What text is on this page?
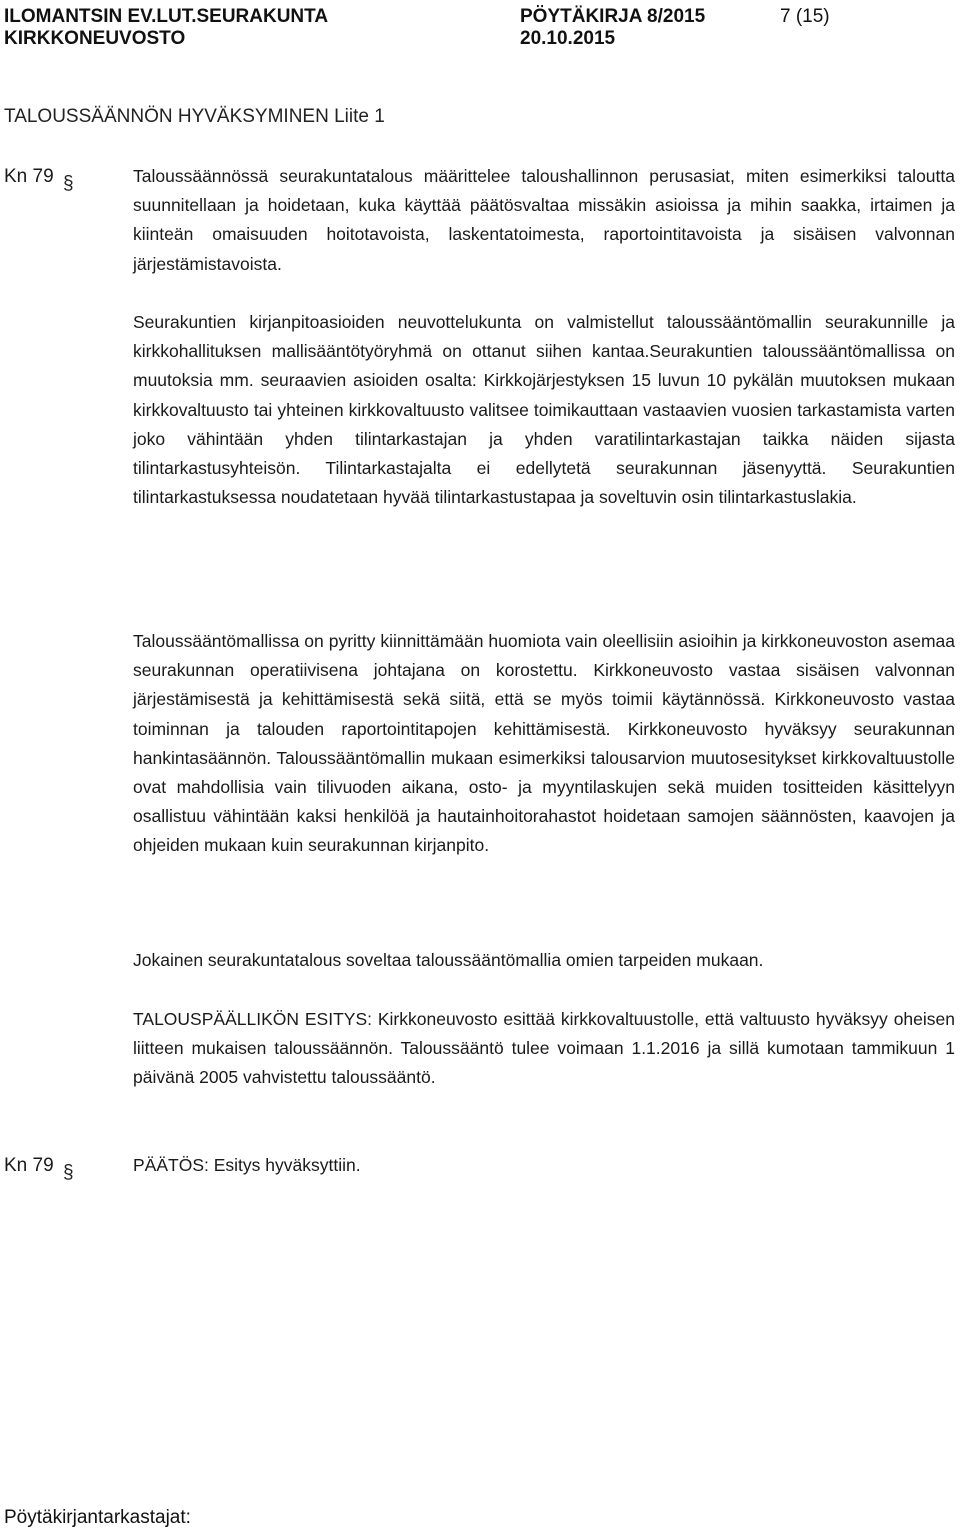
ILOMANTSIN EV.LUT.SEURAKUNTA
KIRKKONEUVOSTO
PÖYTÄKIRJA 8/2015
20.10.2015
7 (15)
TALOUSSÄÄNNÖN HYVÄKSYMINEN Liite 1
Kn 79 §	Taloussäännössä seurakuntatalous määrittelee taloushallinnon perusasiat, miten esimerkiksi taloutta suunnitellaan ja hoidetaan, kuka käyttää päätösvaltaa missäkin asioissa ja mihin saakka, irtaimen ja kiinteän omaisuuden hoitotavoista, laskentatoimesta, raportointitavoista ja sisäisen valvonnan järjestämistavoista.
Seurakuntien kirjanpitoasioiden neuvottelukunta on valmistellut taloussääntömallin seurakunnille ja kirkkohallituksen mallisääntötyöryhmä on ottanut siihen kantaa.Seurakuntien taloussääntömallissa on muutoksia mm. seuraavien asioiden osalta: Kirkkojärjestyksen 15 luvun 10 pykälän muutoksen mukaan kirkkovaltuusto tai yhteinen kirkkovaltuusto valitsee toimikauttaan vastaavien vuosien tarkastamista varten joko vähintään yhden tilintarkastajan ja yhden varatilintarkastajan taikka näiden sijasta tilintarkastusyhteisön. Tilintarkastajalta ei edellytetä seurakunnan jäsenyyttä. Seurakuntien tilintarkastuksessa noudatetaan hyvää tilintarkastustapaa ja soveltuvin osin tilintarkastuslakia.
Taloussääntömallissa on pyritty kiinnittämään huomiota vain oleellisiin asioihin ja kirkkoneuvoston asemaa seurakunnan operatiivisena johtajana on korostettu. Kirkkoneuvosto vastaa sisäisen valvonnan järjestämisestä ja kehittämisestä sekä siitä, että se myös toimii käytännössä. Kirkkoneuvosto vastaa toiminnan ja talouden raportointitapojen kehittämisestä. Kirkkoneuvosto hyväksyy seurakunnan hankintasäännön. Taloussääntömallin mukaan esimerkiksi talousarvion muutosesitykset kirkkovaltuustolle ovat mahdollisia vain tilivuoden aikana, osto- ja myyntilaskujen sekä muiden tositteiden käsittelyyn osallistuu vähintään kaksi henkilöä ja hautainhoitorahastot hoidetaan samojen säännösten, kaavojen ja ohjeiden mukaan kuin seurakunnan kirjanpito.
Jokainen seurakuntatalous soveltaa taloussääntömallia omien tarpeiden mukaan.
TALOUSPÄÄLLIKÖN ESITYS: Kirkkoneuvosto esittää kirkkovaltuustolle, että valtuusto hyväksyy oheisen liitteen mukaisen taloussäännön. Taloussääntö tulee voimaan 1.1.2016 ja sillä kumotaan tammikuun 1 päivänä 2005 vahvistettu taloussääntö.
Kn 79 §	PÄÄTÖS: Esitys hyväksyttiin.
Pöytäkirjantarkastajat:
